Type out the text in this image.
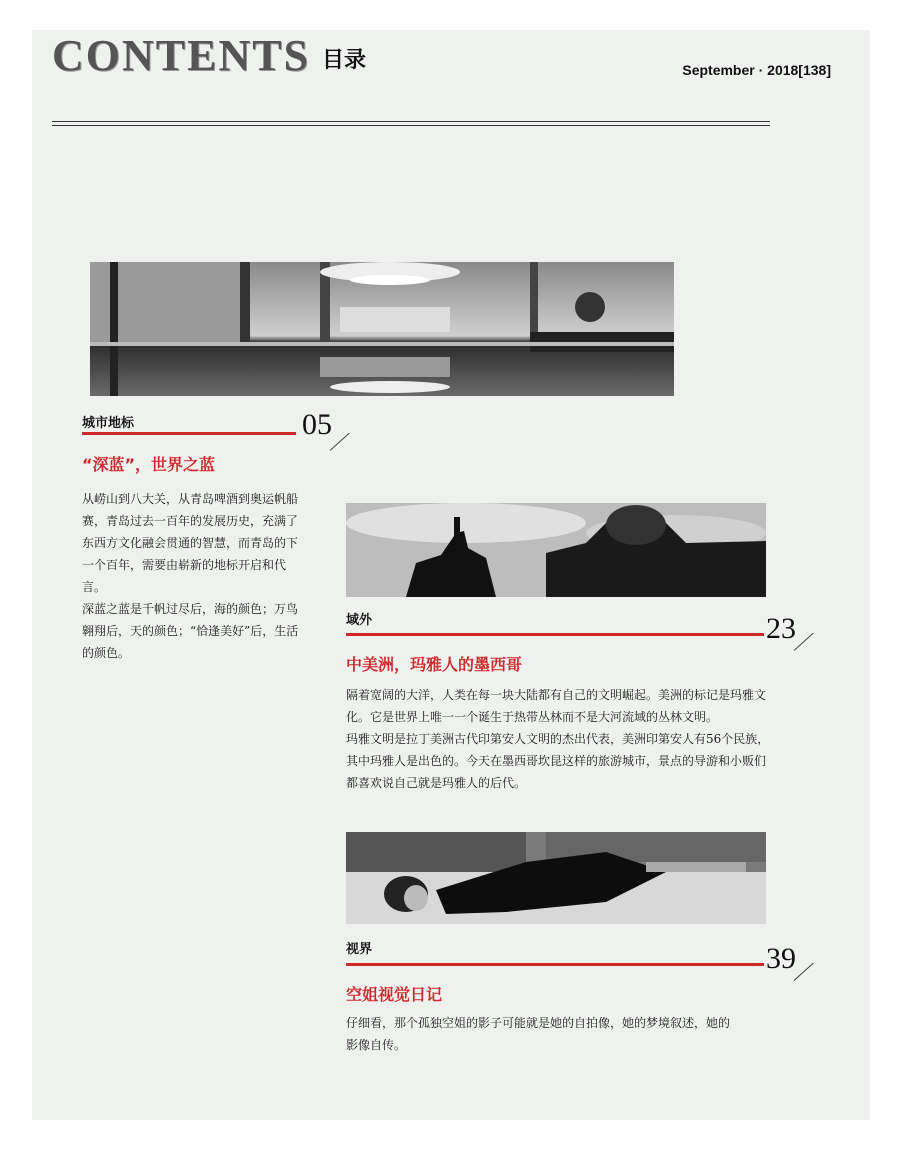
CONTENTS 目录	September · 2018[138]
城市地标	05
“深蓝”，世界之蓝

从崂山到八大关，从青岛啤酒到奥运帆船赛，青岛过去一百年的发展历史，充满了东西方文化融会贯通的智慧，而青岛的下一个百年，需要由崭新的地标开启和代言。

深蓝之蓝是千帆过尽后，海的颜色；万鸟翱翔后，天的颜色；“恰逢美好”后，生活的颜色。

域外	23
中美洲，玛雅人的墨西哥

隔着宽阔的大洋，人类在每一块大陆都有自己的文明崛起。美洲的标记是玛雅文化。它是世界上唯一一个诞生于热带丛林而不是大河流域的丛林文明。

玛雅文明是拉丁美洲古代印第安人文明的杰出代表，美洲印第安人有56个民族，其中玛雅人是出色的。今天在墨西哥坎昆这样的旅游城市，景点的导游和小贩们都喜欢说自己就是玛雅人的后代。

视界	39
空姐视觉日记

仔细看，那个孤独空姐的影子可能就是她的自拍像，她的梦境叙述，她的影像自传。
